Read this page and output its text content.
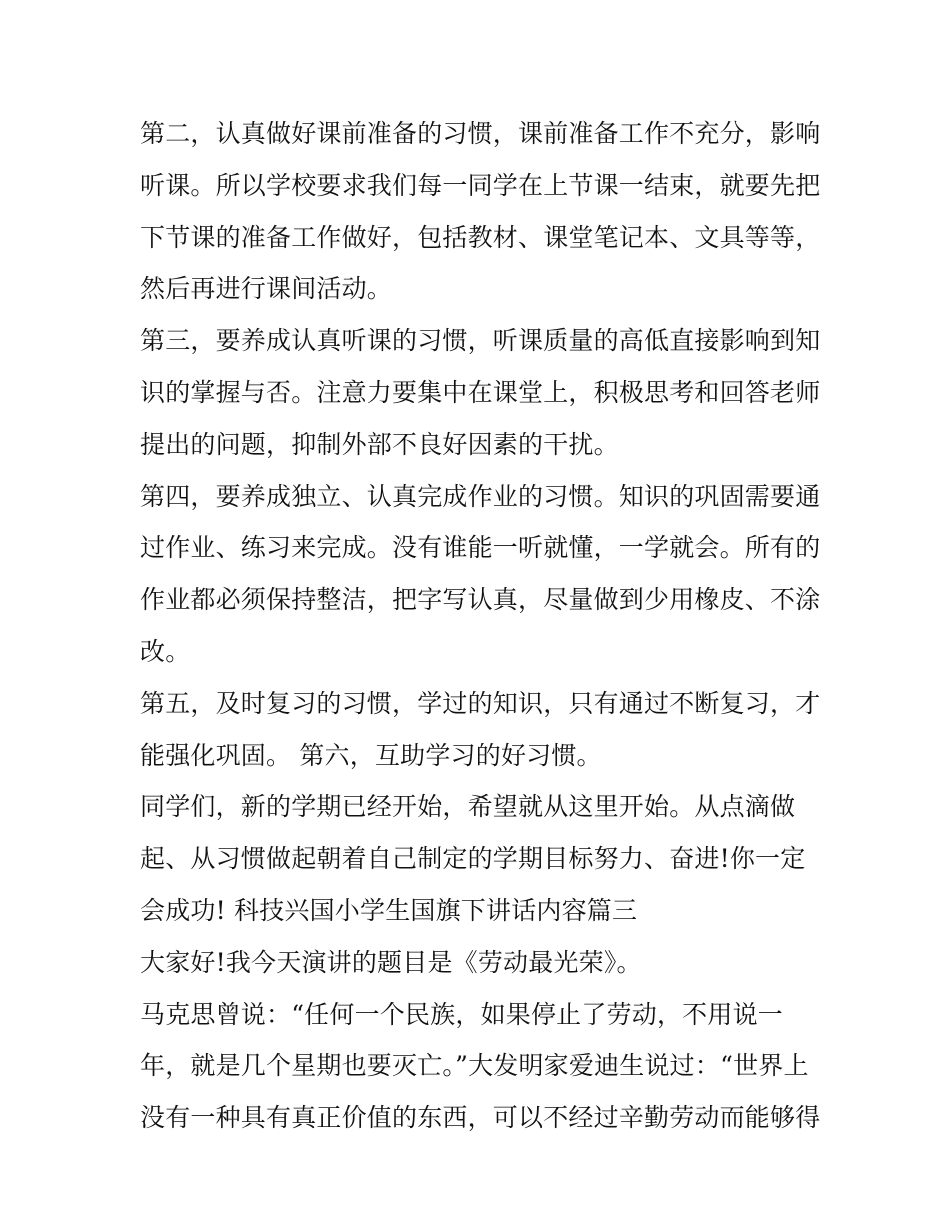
第二，认真做好课前准备的习惯，课前准备工作不充分，影响
听课。所以学校要求我们每一同学在上节课一结束，就要先把
下节课的准备工作做好，包括教材、课堂笔记本、文具等等，
然后再进行课间活动。
第三，要养成认真听课的习惯，听课质量的高低直接影响到知
识的掌握与否。注意力要集中在课堂上，积极思考和回答老师
提出的问题，抑制外部不良好因素的干扰。
第四，要养成独立、认真完成作业的习惯。知识的巩固需要通
过作业、练习来完成。没有谁能一听就懂，一学就会。所有的
作业都必须保持整洁，把字写认真，尽量做到少用橡皮、不涂
改。
第五，及时复习的习惯，学过的知识，只有通过不断复习，才
能强化巩固。 第六，互助学习的好习惯。
同学们，新的学期已经开始，希望就从这里开始。从点滴做
起、从习惯做起朝着自己制定的学期目标努力、奋进!你一定
会成功! 科技兴国小学生国旗下讲话内容篇三
大家好!我今天演讲的题目是《劳动最光荣》。
马克思曾说：“任何一个民族，如果停止了劳动，不用说一
年，就是几个星期也要灭亡。”大发明家爱迪生说过：“世界上
没有一种具有真正价值的东西，可以不经过辛勤劳动而能够得
